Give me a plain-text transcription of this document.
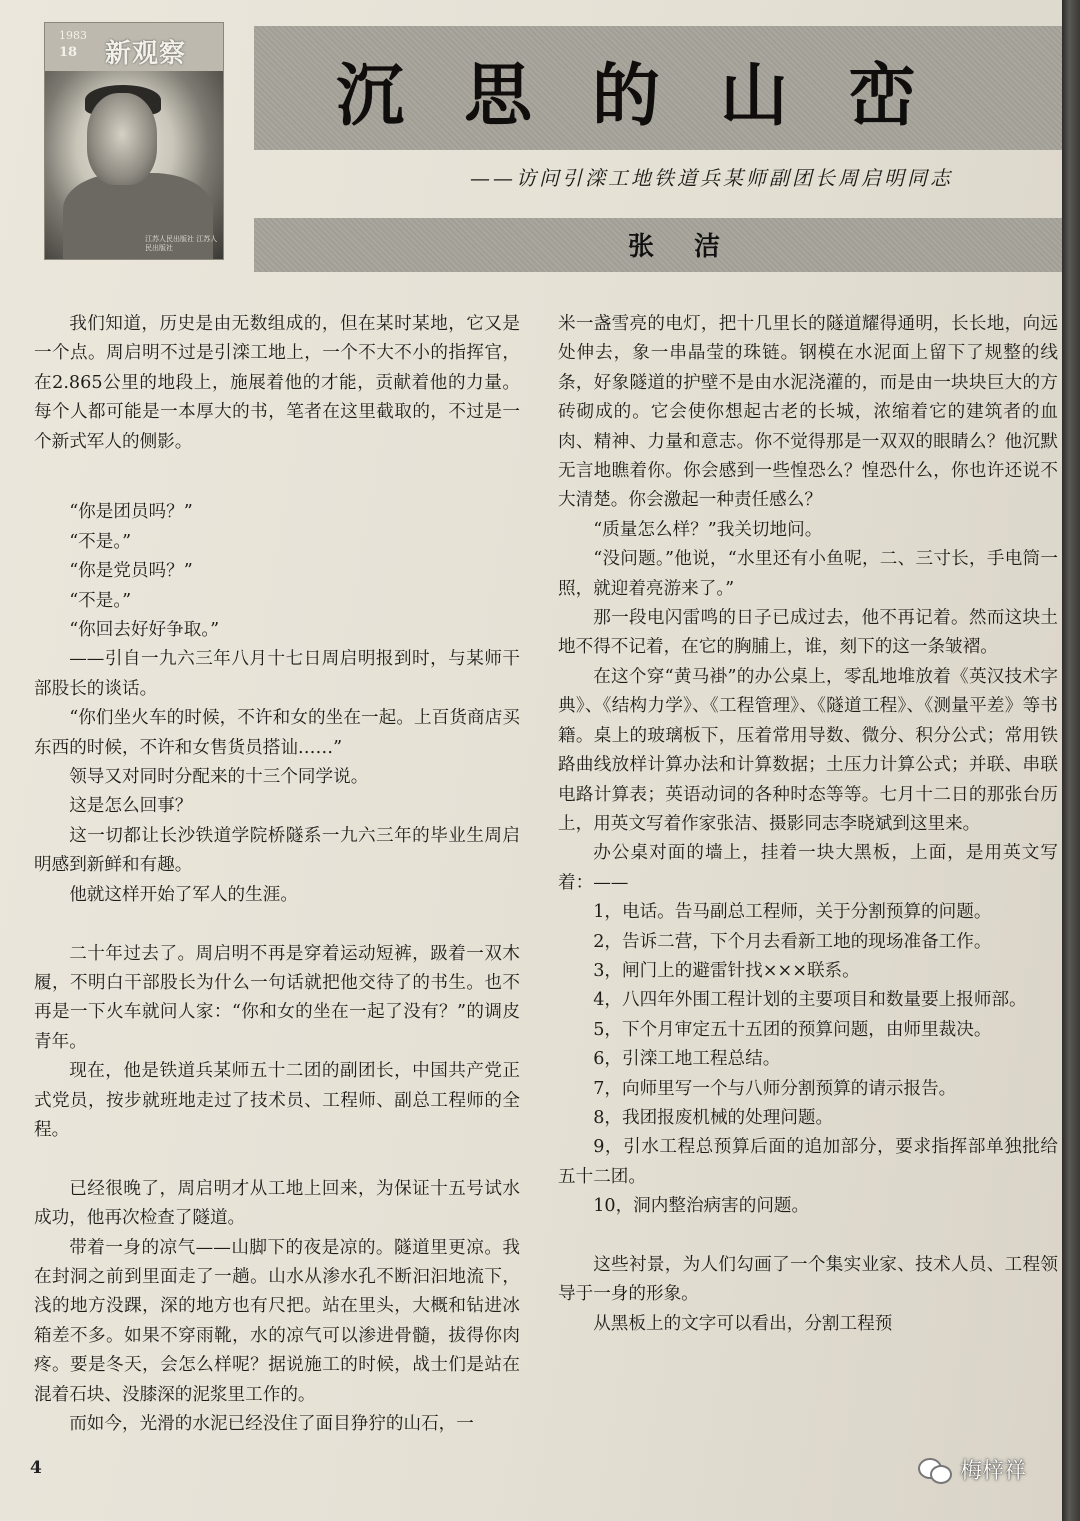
1983
18 新观察
江苏人民出版社 江苏人民出版社
沉思的山峦
——访问引滦工地铁道兵某师副团长周启明同志
张洁

我们知道，历史是由无数组成的，但在某时某地，它又是一个点。周启明不过是引滦工地上，一个不大不小的指挥官，在2.865公里的地段上，施展着他的才能，贡献着他的力量。每个人都可能是一本厚大的书，笔者在这里截取的，不过是一个新式军人的侧影。

“你是团员吗？”

“不是。”

“你是党员吗？”

“不是。”

“你回去好好争取。”

——引自一九六三年八月十七日周启明报到时，与某师干部股长的谈话。

“你们坐火车的时候，不许和女的坐在一起。上百货商店买东西的时候，不许和女售货员搭讪……”

领导又对同时分配来的十三个同学说。

这是怎么回事？

这一切都让长沙铁道学院桥隧系一九六三年的毕业生周启明感到新鲜和有趣。

他就这样开始了军人的生涯。

二十年过去了。周启明不再是穿着运动短裤，趿着一双木履，不明白干部股长为什么一句话就把他交待了的书生。也不再是一下火车就问人家：“你和女的坐在一起了没有？”的调皮青年。

现在，他是铁道兵某师五十二团的副团长，中国共产党正式党员，按步就班地走过了技术员、工程师、副总工程师的全程。

已经很晚了，周启明才从工地上回来，为保证十五号试水成功，他再次检查了隧道。

带着一身的凉气——山脚下的夜是凉的。隧道里更凉。我在封洞之前到里面走了一趟。山水从渗水孔不断汩汩地流下，浅的地方没踝，深的地方也有尺把。站在里头，大概和钻进冰箱差不多。如果不穿雨靴，水的凉气可以渗进骨髓，拔得你肉疼。要是冬天，会怎么样呢？据说施工的时候，战士们是站在混着石块、没膝深的泥浆里工作的。

而如今，光滑的水泥已经没住了面目狰狞的山石，一

米一盏雪亮的电灯，把十几里长的隧道耀得通明，长长地，向远处伸去，象一串晶莹的珠链。钢模在水泥面上留下了规整的线条，好象隧道的护壁不是由水泥浇灌的，而是由一块块巨大的方砖砌成的。它会使你想起古老的长城，浓缩着它的建筑者的血肉、精神、力量和意志。你不觉得那是一双双的眼睛么？他沉默无言地瞧着你。你会感到一些惶恐么？惶恐什么，你也许还说不大清楚。你会激起一种责任感么？

“质量怎么样？”我关切地问。

“没问题。”他说，“水里还有小鱼呢，二、三寸长，手电筒一照，就迎着亮游来了。”

那一段电闪雷鸣的日子已成过去，他不再记着。然而这块土地不得不记着，在它的胸脯上，谁，刻下的这一条皱褶。

在这个穿“黄马褂”的办公桌上，零乱地堆放着《英汉技术字典》、《结构力学》、《工程管理》、《隧道工程》、《测量平差》等书籍。桌上的玻璃板下，压着常用导数、微分、积分公式；常用铁路曲线放样计算办法和计算数据；土压力计算公式；并联、串联电路计算表；英语动词的各种时态等等。七月十二日的那张台历上，用英文写着作家张洁、摄影同志李晓斌到这里来。

办公桌对面的墙上，挂着一块大黑板，上面，是用英文写着：——

1，电话。告马副总工程师，关于分割预算的问题。

2，告诉二营，下个月去看新工地的现场准备工作。

3，闸门上的避雷针找×××联系。

4，八四年外围工程计划的主要项目和数量要上报师部。

5，下个月审定五十五团的预算问题，由师里裁决。

6，引滦工地工程总结。

7，向师里写一个与八师分割预算的请示报告。

8，我团报废机械的处理问题。

9，引水工程总预算后面的追加部分，要求指挥部单独批给五十二团。

10，洞内整治病害的问题。

这些衬景，为人们勾画了一个集实业家、技术人员、工程领导于一身的形象。

从黑板上的文字可以看出，分割工程预

4	梅梓祥
